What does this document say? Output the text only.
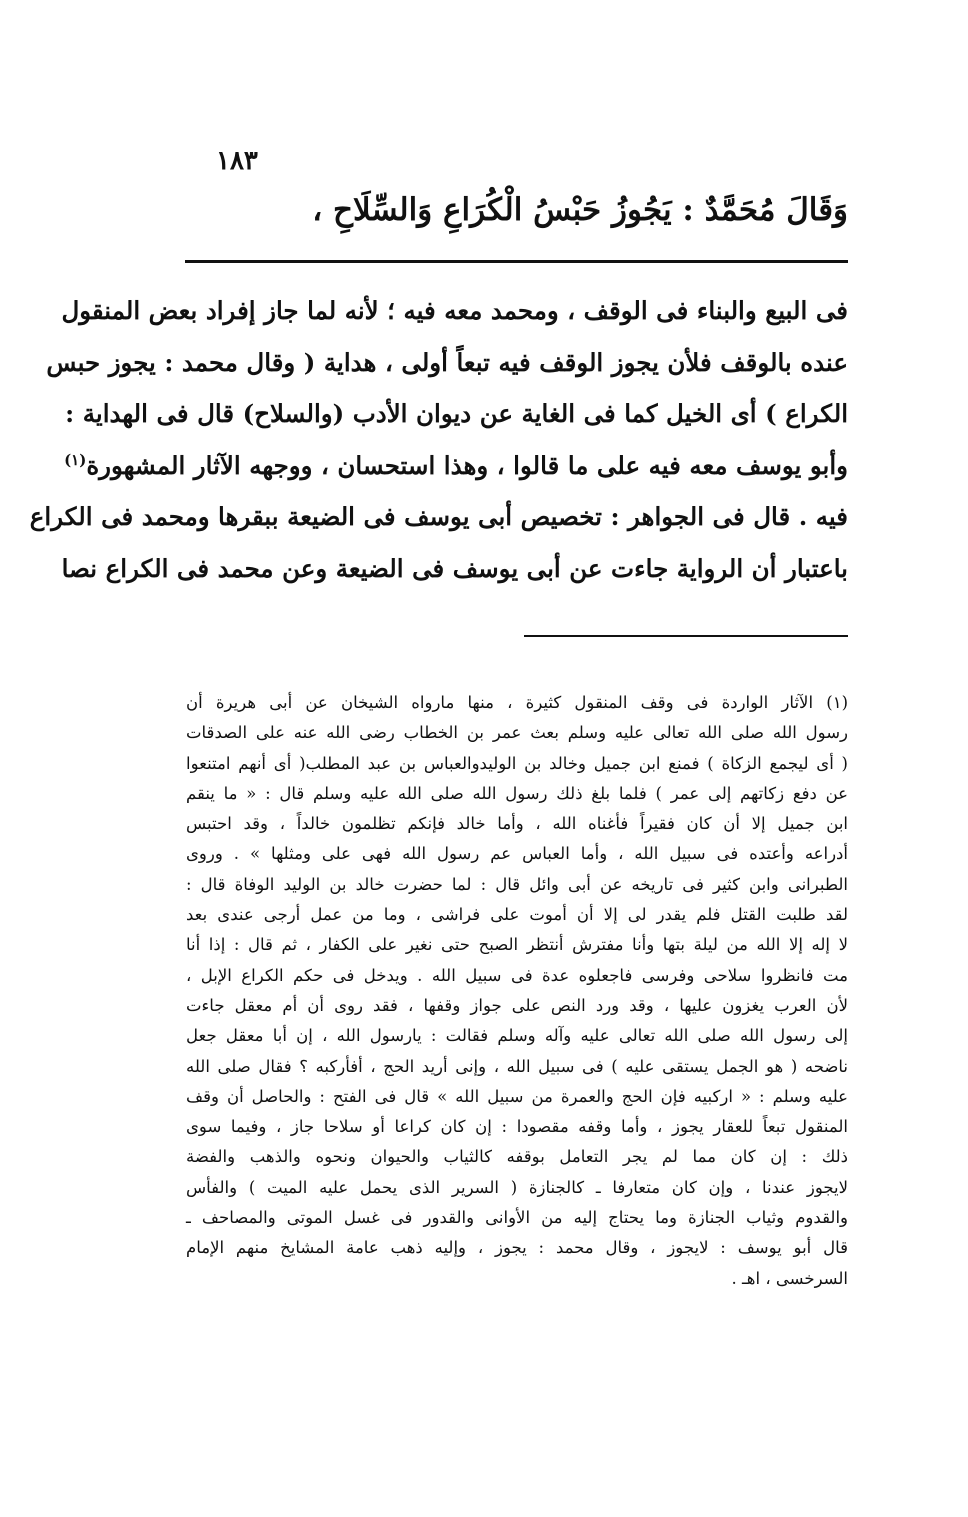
١٨٣
وَقَالَ مُحَمَّدٌ : يَجُوزُ حَبْسُ الْكُرَاعِ وَالسِّلَاحِ ،
فى البيع والبناء فى الوقف ، ومحمد معه فيه ؛ لأنه لما جاز إفراد بعض المنقول
عنده بالوقف فلأن يجوز الوقف فيه تبعاً أولى ، هداية ( وقال محمد : يجوز حبس
الكراع ) أى الخيل كما فى الغاية عن ديوان الأدب (والسلاح) قال فى الهداية :
وأبو يوسف معه فيه على ما قالوا ، وهذا استحسان ، ووجهه الآثار المشهورة$^{(١)}$
فيه . قال فى الجواهر : تخصيص أبى يوسف فى الضيعة ببقرها ومحمد فى الكراع
باعتبار أن الرواية جاءت عن أبى يوسف فى الضيعة وعن محمد فى الكراع نصا
(١) الآثار الواردة فى وقف المنقول كثيرة ، منها مارواه الشيخان عن أبى هريرة أن
رسول الله صلى الله تعالى عليه وسلم بعث عمر بن الخطاب رضى الله عنه على الصدقات
( أى ليجمع الزكاة ) فمنع ابن جميل وخالد بن الوليدوالعباس بن عبد المطلب( أى أنهم امتنعوا
عن دفع زكاتهم إلى عمر ) فلما بلغ ذلك رسول الله صلى الله عليه وسلم قال : « ما ينقم
ابن جميل إلا أن كان فقيراً فأغناه الله ، وأما خالد فإنكم تظلمون خالداً ، وقد احتبس
أدراعه وأعتده فى سبيل الله ، وأما العباس عم رسول الله فهى على ومثلها » . وروى
الطبرانى وابن كثير فى تاريخه عن أبى وائل قال : لما حضرت خالد بن الوليد الوفاة قال :
لقد طلبت القتل فلم يقدر لى إلا أن أموت على فراشى ، وما من عمل أرجى عندى بعد
لا إله إلا الله من ليلة بتها وأنا مفترش أنتظر الصبح حتى نغير على الكفار ، ثم قال : إذا أنا
مت فانظروا سلاحى وفرسى فاجعلوه عدة فى سبيل الله . ويدخل فى حكم الكراع الإبل ،
لأن العرب يغزون عليها ، وقد ورد النص على جواز وقفها ، فقد روى أن أم معقل جاءت
إلى رسول الله صلى الله تعالى عليه وآله وسلم فقالت : يارسول الله ، إن أبا معقل جعل
ناضحه ( هو الجمل يستقى عليه ) فى سبيل الله ، وإنى أريد الحج ، أفأركبه ؟ فقال صلى الله
عليه وسلم : « اركبيه فإن الحج والعمرة من سبيل الله » قال فى الفتح : والحاصل أن وقف
المنقول تبعاً للعقار يجوز ، وأما وقفه مقصودا : إن كان كراعا أو سلاحا جاز ، وفيما سوى
ذلك : إن كان مما لم يجر التعامل بوقفه كالثياب والحيوان ونحوه والذهب والفضة
لايجوز عندنا ، وإن كان متعارفا ـ كالجنازة ( السرير الذى يحمل عليه الميت ) والفأس
والقدوم وثياب الجنازة وما يحتاج إليه من الأوانى والقدور فى غسل الموتى والمصاحف ـ
قال أبو يوسف : لايجوز ، وقال محمد : يجوز ، وإليه ذهب عامة المشايخ منهم الإمام
السرخسى ، اهـ .
